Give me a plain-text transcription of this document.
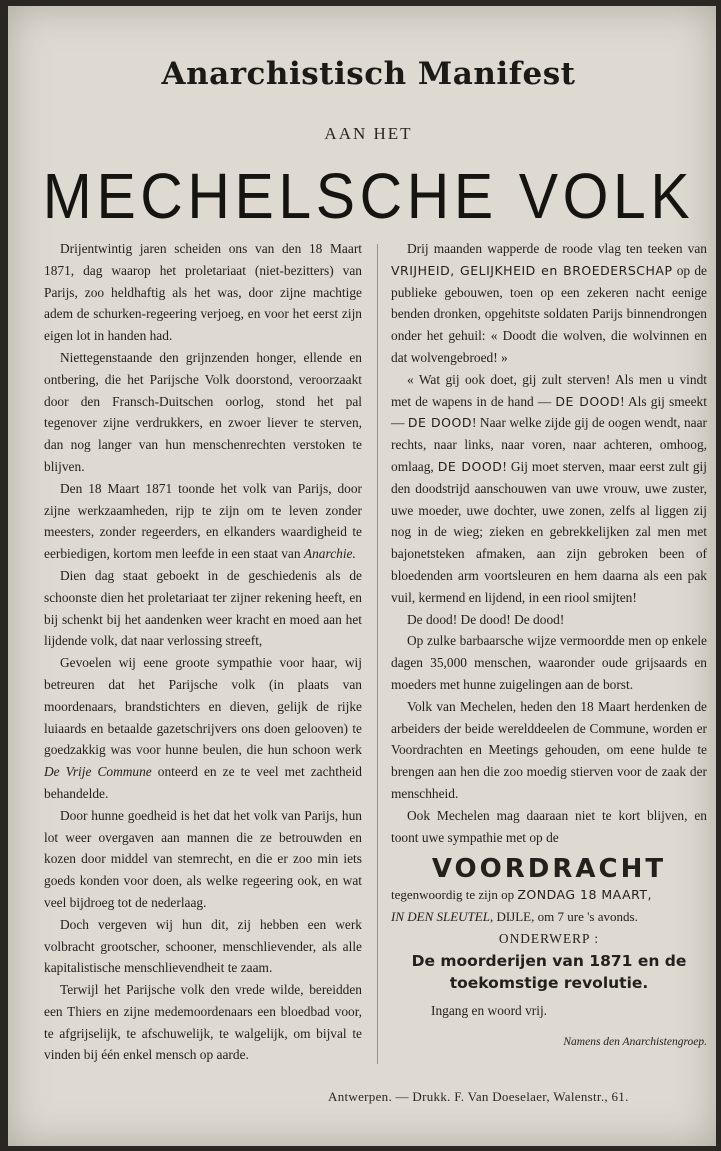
Anarchistisch Manifest
AAN HET
MECHELSCHE VOLK

Drijentwintig jaren scheiden ons van den 18 Maart 1871, dag waarop het proletariaat (niet-bezitters) van Parijs, zoo heldhaftig als het was, door zijne machtige adem de schurken-regeering verjoeg, en voor het eerst zijn eigen lot in handen had.

Niettegenstaande den grijnzenden honger, ellende en ontbering, die het Parijsche Volk doorstond, veroorzaakt door den Fransch-Duitschen oorlog, stond het pal tegenover zijne verdrukkers, en zwoer liever te sterven, dan nog langer van hun menschenrechten verstoken te blijven.

Den 18 Maart 1871 toonde het volk van Parijs, door zijne werkzaamheden, rijp te zijn om te leven zonder meesters, zonder regeerders, en elkanders waardigheid te eerbiedigen, kortom men leefde in een staat van Anarchie.

Dien dag staat geboekt in de geschiedenis als de schoonste dien het proletariaat ter zijner rekening heeft, en bij schenkt bij het aandenken weer kracht en moed aan het lijdende volk, dat naar verlossing streeft,

Gevoelen wij eene groote sympathie voor haar, wij betreuren dat het Parijsche volk (in plaats van moordenaars, brandstichters en dieven, gelijk de rijke luiaards en betaalde gazetschrijvers ons doen gelooven) te goedzakkig was voor hunne beulen, die hun schoon werk De Vrije Commune onteerd en ze te veel met zachtheid behandelde.

Door hunne goedheid is het dat het volk van Parijs, hun lot weer overgaven aan mannen die ze betrouwden en kozen door middel van stemrecht, en die er zoo min iets goeds konden voor doen, als welke regeering ook, en wat veel bijdroeg tot de nederlaag.

Doch vergeven wij hun dit, zij hebben een werk volbracht grootscher, schooner, menschlievender, als alle kapitalistische menschlievendheit te zaam.

Terwijl het Parijsche volk den vrede wilde, bereidden een Thiers en zijne medemoordenaars een bloedbad voor, te afgrijselijk, te afschuwelijk, te walgelijk, om bijval te vinden bij één enkel mensch op aarde.

Drij maanden wapperde de roode vlag ten teeken van VRIJHEID, GELIJKHEID en BROEDERSCHAP op de publieke gebouwen, toen op een zekeren nacht eenige benden dronken, opgehitste soldaten Parijs binnendrongen onder het gehuil: « Doodt die wolven, die wolvinnen en dat wolvengebroed! »

« Wat gij ook doet, gij zult sterven! Als men u vindt met de wapens in de hand — DE DOOD! Als gij smeekt — DE DOOD! Naar welke zijde gij de oogen wendt, naar rechts, naar links, naar voren, naar achteren, omhoog, omlaag, DE DOOD! Gij moet sterven, maar eerst zult gij den doodstrijd aanschouwen van uwe vrouw, uwe zuster, uwe moeder, uwe dochter, uwe zonen, zelfs al liggen zij nog in de wieg; zieken en gebrekkelijken zal men met bajonetsteken afmaken, aan zijn gebroken been of bloedenden arm voortsleuren en hem daarna als een pak vuil, kermend en lijdend, in een riool smijten!

De dood! De dood! De dood!

Op zulke barbaarsche wijze vermoordde men op enkele dagen 35,000 menschen, waaronder oude grijsaards en moeders met hunne zuigelingen aan de borst.

Volk van Mechelen, heden den 18 Maart herdenken de arbeiders der beide werelddeelen de Commune, worden er Voordrachten en Meetings gehouden, om eene hulde te brengen aan hen die zoo moedig stierven voor de zaak der menschheid.

Ook Mechelen mag daaraan niet te kort blijven, en toont uwe sympathie met op de

VOORDRACHT

tegenwoordig te zijn op ZONDAG 18 MAART,

IN DEN SLEUTEL, DIJLE, om 7 ure 's avonds.

ONDERWERP :

De moorderijen van 1871 en de

toekomstige revolutie.

Ingang en woord vrij.

Namens den Anarchistengroep.

Antwerpen. — Drukk. F. Van Doeselaer, Walenstr., 61.
